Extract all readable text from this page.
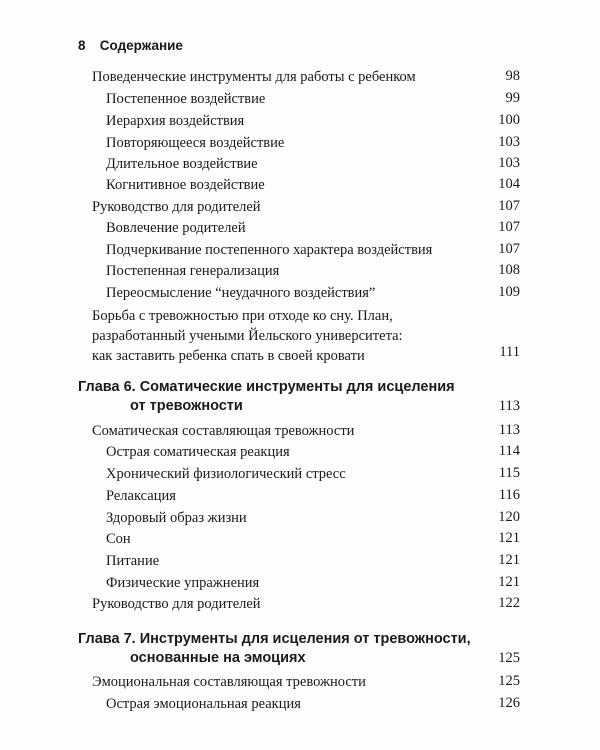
8 Содержание
Поведенческие инструменты для работы с ребенком	98
Постепенное воздействие	99
Иерархия воздействия	100
Повторяющееся воздействие	103
Длительное воздействие	103
Когнитивное воздействие	104
Руководство для родителей	107
Вовлечение родителей	107
Подчеркивание постепенного характера воздействия	107
Постепенная генерализация	108
Переосмысление “неудачного воздействия”	109
Борьба с тревожностью при отходе ко сну. План,
разработанный учеными Йельского университета:
как заставить ребенка спать в своей кровати	111
Глава 6. Соматические инструменты для исцеления
от тревожности	113
Соматическая составляющая тревожности	113
Острая соматическая реакция	114
Хронический физиологический стресс	115
Релаксация	116
Здоровый образ жизни	120
Сон	121
Питание	121
Физические упражнения	121
Руководство для родителей	122
Глава 7. Инструменты для исцеления от тревожности,
основанные на эмоциях	125
Эмоциональная составляющая тревожности	125
Острая эмоциональная реакция	126
